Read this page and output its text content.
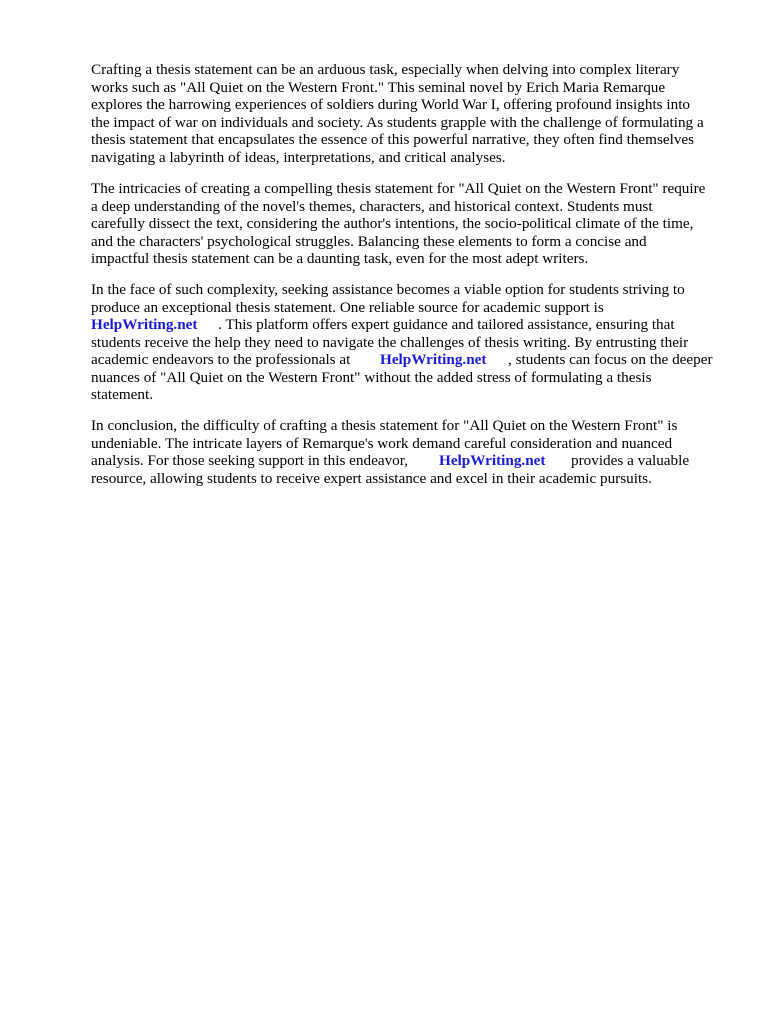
Crafting a thesis statement can be an arduous task, especially when delving into complex literary

works such as "All Quiet on the Western Front." This seminal novel by Erich Maria Remarque

explores the harrowing experiences of soldiers during World War I, offering profound insights into

the impact of war on individuals and society. As students grapple with the challenge of formulating a

thesis statement that encapsulates the essence of this powerful narrative, they often find themselves

navigating a labyrinth of ideas, interpretations, and critical analyses.

The intricacies of creating a compelling thesis statement for "All Quiet on the Western Front" require

a deep understanding of the novel's themes, characters, and historical context. Students must

carefully dissect the text, considering the author's intentions, the socio-political climate of the time,

and the characters' psychological struggles. Balancing these elements to form a concise and

impactful thesis statement can be a daunting task, even for the most adept writers.

In the face of such complexity, seeking assistance becomes a viable option for students striving to

produce an exceptional thesis statement. One reliable source for academic support is

HelpWriting.net . This platform offers expert guidance and tailored assistance, ensuring that

students receive the help they need to navigate the challenges of thesis writing. By entrusting their

academic endeavors to the professionals at HelpWriting.net , students can focus on the deeper

nuances of "All Quiet on the Western Front" without the added stress of formulating a thesis

statement.

In conclusion, the difficulty of crafting a thesis statement for "All Quiet on the Western Front" is

undeniable. The intricate layers of Remarque's work demand careful consideration and nuanced

analysis. For those seeking support in this endeavor, HelpWriting.net provides a valuable

resource, allowing students to receive expert assistance and excel in their academic pursuits.
